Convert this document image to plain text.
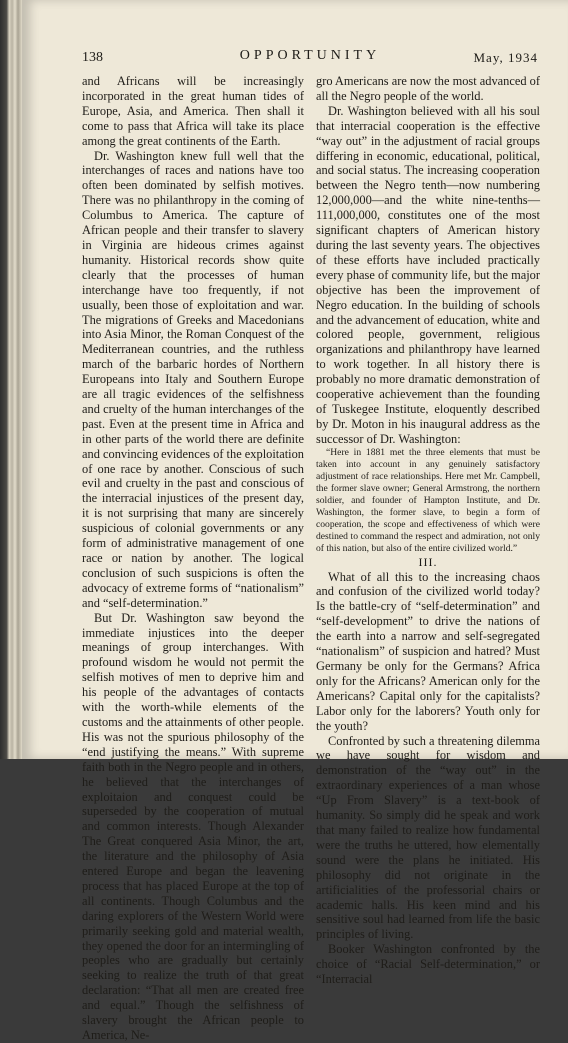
138	OPPORTUNITY	May, 1934

and Africans will be increasingly incorporated in the great human tides of Europe, Asia, and America. Then shall it come to pass that Africa will take its place among the great continents of the Earth.

Dr. Washington knew full well that the interchanges of races and nations have too often been dominated by selfish motives. There was no philanthropy in the coming of Columbus to America. The capture of African people and their transfer to slavery in Virginia are hideous crimes against humanity. Historical records show quite clearly that the processes of human interchange have too frequently, if not usually, been those of exploitation and war. The migrations of Greeks and Macedonians into Asia Minor, the Roman Conquest of the Mediterranean countries, and the ruthless march of the barbaric hordes of Northern Europeans into Italy and Southern Europe are all tragic evidences of the selfishness and cruelty of the human interchanges of the past. Even at the present time in Africa and in other parts of the world there are definite and convincing evidences of the exploitation of one race by another. Conscious of such evil and cruelty in the past and conscious of the interracial injustices of the present day, it is not surprising that many are sincerely suspicious of colonial governments or any form of administrative management of one race or nation by another. The logical conclusion of such suspicions is often the advocacy of extreme forms of “nationalism” and “self-determination.”

But Dr. Washington saw beyond the immediate injustices into the deeper meanings of group interchanges. With profound wisdom he would not permit the selfish motives of men to deprive him and his people of the advantages of contacts with the worth-while elements of the customs and the attainments of other people. His was not the spurious philosophy of the “end justifying the means.” With supreme faith both in the Negro people and in others, he believed that the interchanges of exploitaion and conquest could be superseded by the cooperation of mutual and common interests. Though Alexander The Great conquered Asia Minor, the art, the literature and the philosophy of Asia entered Europe and began the leavening process that has placed Europe at the top of all continents. Though Columbus and the daring explorers of the Western World were primarily seeking gold and material wealth, they opened the door for an intermingling of peoples who are gradually but certainly seeking to realize the truth of that great declaration: “That all men are created free and equal.” Though the selfishness of slavery brought the African people to America, Ne-

gro Americans are now the most advanced of all the Negro people of the world.

Dr. Washington believed with all his soul that interracial cooperation is the effective “way out” in the adjustment of racial groups differing in economic, educational, political, and social status. The increasing cooperation between the Negro tenth—now numbering 12,000,000—and the white nine-tenths—111,000,000, constitutes one of the most significant chapters of American history during the last seventy years. The objectives of these efforts have included practically every phase of community life, but the major objective has been the improvement of Negro education. In the building of schools and the advancement of education, white and colored people, government, religious organizations and philanthropy have learned to work together. In all history there is probably no more dramatic demonstration of cooperative achievement than the founding of Tuskegee Institute, eloquently described by Dr. Moton in his inaugural address as the successor of Dr. Washington:

“Here in 1881 met the three elements that must be taken into account in any genuinely satisfactory adjustment of race relationships. Here met Mr. Campbell, the former slave owner; General Armstrong, the northern soldier, and founder of Hampton Institute, and Dr. Washington, the former slave, to begin a form of cooperation, the scope and effectiveness of which were destined to command the respect and admiration, not only of this nation, but also of the entire civilized world.”

III.

What of all this to the increasing chaos and confusion of the civilized world today? Is the battle-cry of “self-determination” and “self-development” to drive the nations of the earth into a narrow and self-segregated “nationalism” of suspicion and hatred? Must Germany be only for the Germans? Africa only for the Africans? American only for the Americans? Capital only for the capitalists? Labor only for the laborers? Youth only for the youth?

Confronted by such a threatening dilemma we have sought for wisdom and demonstration of the “way out” in the extraordinary experiences of a man whose “Up From Slavery” is a text-book of humanity. So simply did he speak and work that many failed to realize how fundamental were the truths he uttered, how elementally sound were the plans he initiated. His philosophy did not originate in the artificialities of the professorial chairs or academic halls. His keen mind and his sensitive soul had learned from life the basic principles of living.

Booker Washington confronted by the choice of “Racial Self-determination,” or “Interracial
